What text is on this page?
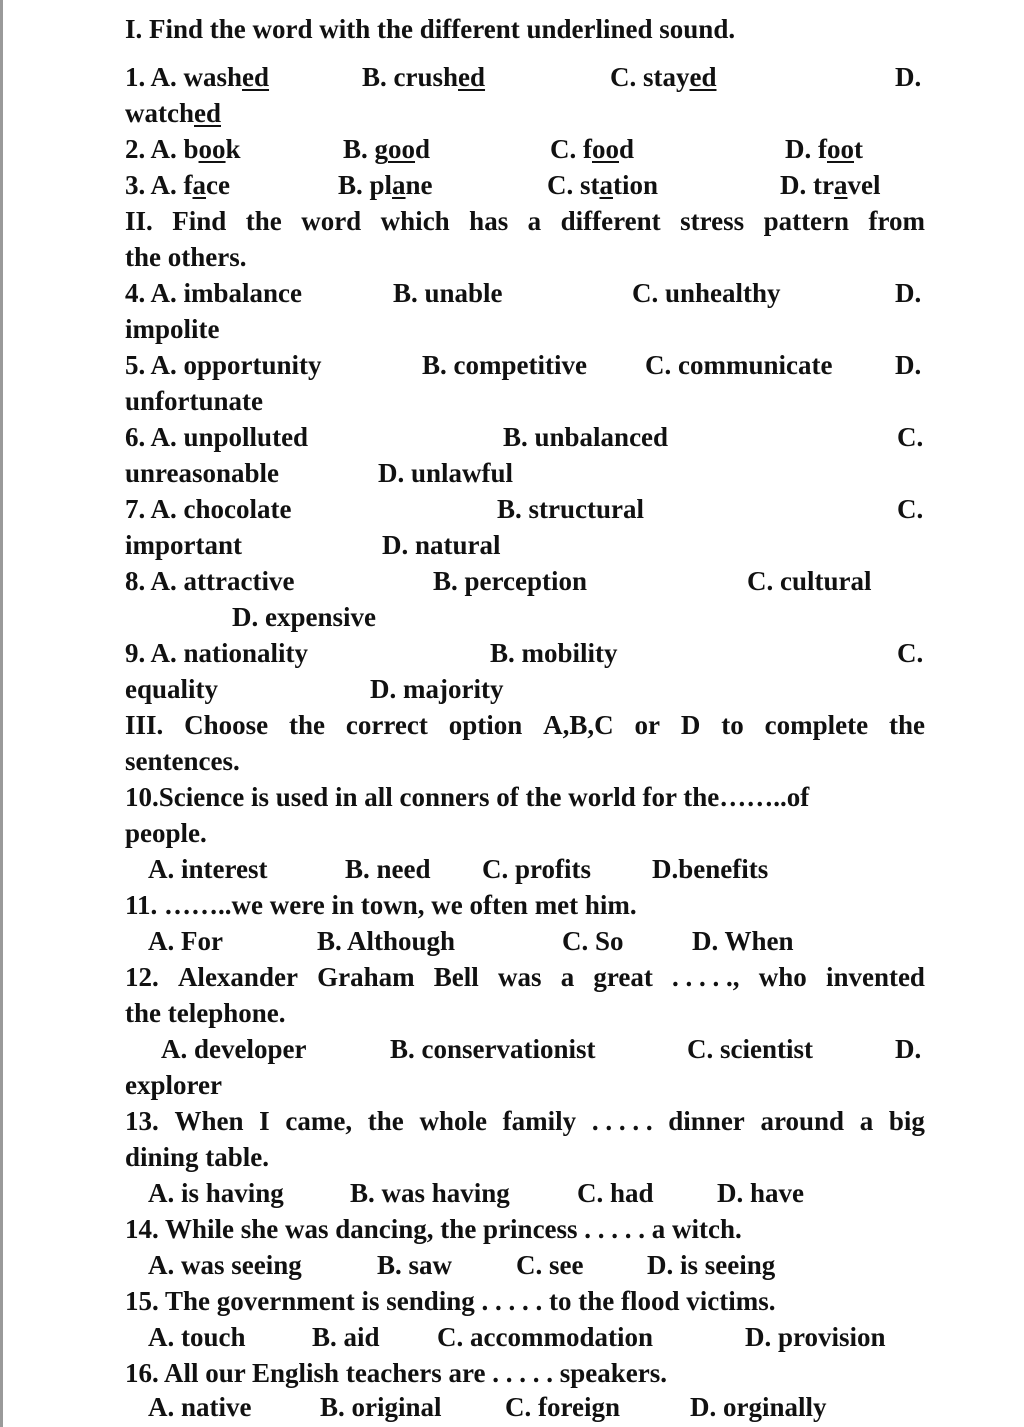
I. Find the word with the different underlined sound.
1. A. washed	B. crushed	C. stayed	D.
watched
2. A. book	B. good	C. food	D. foot
3. A. face	B. plane	C. station	D. travel
II. Find the word which has a different stress pattern from
the others.
4. A. imbalance	B. unable	C. unhealthy	D.
impolite
5. A. opportunity	B. competitive C. communicate D.
unfortunate
6. A. unpolluted	B. unbalanced	C.
unreasonable	D. unlawful
7. A. chocolate	B. structural	C.
important	D. natural
8. A. attractive	B. perception	C. cultural
D. expensive
9. A. nationality	B. mobility	C.
equality	D. majority
III. Choose the correct option A,B,C or D to complete the
sentences.
10.Science is used in all conners of the world for the……..of
people.
A. interest	B. need C. profits D.benefits
11. ……..we were in town, we often met him.
A. For	B. Although	C. So	D. When
12. Alexander Graham Bell was a great . . . . ., who invented
the telephone.
A. developer	B. conservationist	C. scientist	D.
explorer
13. When I came, the whole family . . . . . dinner around a big
dining table.
A. is having B. was having C. had D. have
14. While she was dancing, the princess . . . . . a witch.
A. was seeing	B. saw C. see D. is seeing
15. The government is sending . . . . . to the flood victims.
A. touch B. aid C. accommodation	D. provision
16. All our English teachers are . . . . . speakers.
A. native	B. original C. foreign	D. orginally
